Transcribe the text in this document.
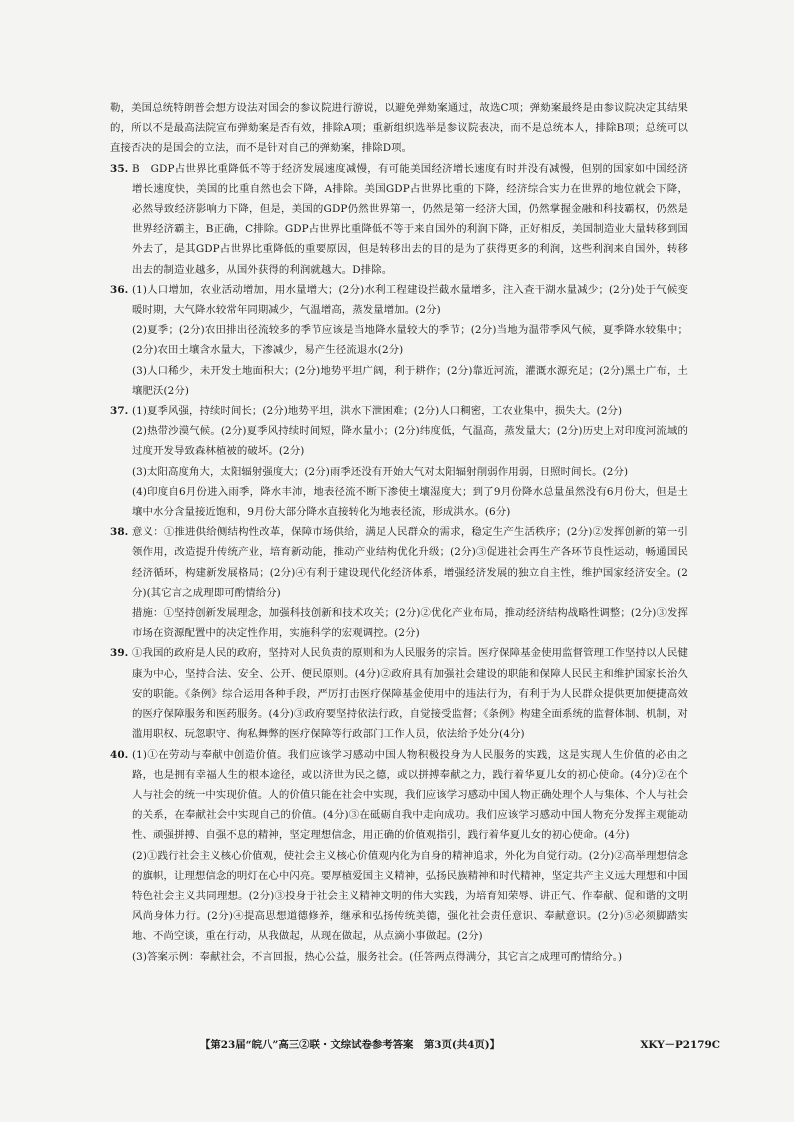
勒，美国总统特朗普会想方设法对国会的参议院进行游说，以避免弹劾案通过，故选C项；弹劾案最终是由参议院决定其结果的，所以不是最高法院宣布弹劾案是否有效，排除A项；重新组织选举是参议院表决，而不是总统本人，排除B项；总统可以直接否决的是国会的立法，而不是针对自己的弹劾案，排除D项。

35. B　GDP占世界比重降低不等于经济发展速度减慢，有可能美国经济增长速度有时并没有减慢，但别的国家如中国经济增长速度快，美国的比重自然也会下降，A排除。美国GDP占世界比重的下降，经济综合实力在世界的地位就会下降，必然导致经济影响力下降，但是，美国的GDP仍然世界第一，仍然是第一经济大国，仍然掌握金融和科技霸权，仍然是世界经济霸主，B正确，C排除。GDP占世界比重降低不等于来自国外的利润下降，正好相反，美国制造业大量转移到国外去了，是其GDP占世界比重降低的重要原因，但是转移出去的目的是为了获得更多的利润，这些利润来自国外，转移出去的制造业越多，从国外获得的利润就越大。D排除。
36. (1)人口增加，农业活动增加，用水量增大；(2分)水利工程建设拦截水量增多，注入查干湖水量减少；(2分)处于气候变暖时期，大气降水较常年同期减少，气温增高，蒸发量增加。(2分)
(2)夏季；(2分)农田排出径流较多的季节应该是当地降水量较大的季节；(2分)当地为温带季风气候，夏季降水较集中；(2分)农田土壤含水量大，下渗减少，易产生径流退水(2分)
(3)人口稀少，未开发土地面积大；(2分)地势平坦广阔，利于耕作；(2分)靠近河流，灌溉水源充足；(2分)黑土广布，土壤肥沃(2分)
37. (1)夏季风强，持续时间长；(2分)地势平坦，洪水下泄困难；(2分)人口稠密，工农业集中，损失大。(2分)
(2)热带沙漠气候。(2分)夏季风持续时间短，降水量小；(2分)纬度低，气温高，蒸发量大；(2分)历史上对印度河流域的过度开发导致森林植被的破坏。(2分)
(3)太阳高度角大，太阳辐射强度大；(2分)雨季还没有开始大气对太阳辐射削弱作用弱，日照时间长。(2分)
(4)印度自6月份进入雨季，降水丰沛，地表径流不断下渗使土壤湿度大；到了9月份降水总量虽然没有6月份大，但是土壤中水分含量接近饱和，9月份大部分降水直接转化为地表径流，形成洪水。(6分)
38. 意义：①推进供给侧结构性改革，保障市场供给，满足人民群众的需求，稳定生产生活秩序；(2分)②发挥创新的第一引领作用，改造提升传统产业，培育新动能，推动产业结构优化升级；(2分)③促进社会再生产各环节良性运动，畅通国民经济循环，构建新发展格局；(2分)④有利于建设现代化经济体系，增强经济发展的独立自主性，维护国家经济安全。(2分)(其它言之成理即可酌情给分)
措施：①坚持创新发展理念，加强科技创新和技术攻关；(2分)②优化产业布局，推动经济结构战略性调整；(2分)③发挥市场在资源配置中的决定性作用，实施科学的宏观调控。(2分)
39. ①我国的政府是人民的政府，坚持对人民负责的原则和为人民服务的宗旨。医疗保障基金使用监督管理工作坚持以人民健康为中心，坚持合法、安全、公开、便民原则。(4分)②政府具有加强社会建设的职能和保障人民民主和维护国家长治久安的职能。《条例》综合运用各种手段，严厉打击医疗保障基金使用中的违法行为，有利于为人民群众提供更加便捷高效的医疗保障服务和医药服务。(4分)③政府要坚持依法行政，自觉接受监督；《条例》构建全面系统的监督体制、机制，对滥用职权、玩忽职守、徇私舞弊的医疗保障等行政部门工作人员，依法给予处分(4分)
40. (1)①在劳动与奉献中创造价值。我们应该学习感动中国人物积极投身为人民服务的实践，这是实现人生价值的必由之路，也是拥有幸福人生的根本途径，或以济世为民之德，或以拼搏奉献之力，践行着华夏儿女的初心使命。(4分)②在个人与社会的统一中实现价值。人的价值只能在社会中实现，我们应该学习感动中国人物正确处理个人与集体、个人与社会的关系，在奉献社会中实现自己的价值。(4分)③在砥砺自我中走向成功。我们应该学习感动中国人物充分发挥主观能动性、顽强拼搏、自强不息的精神，坚定理想信念，用正确的价值观指引，践行着华夏儿女的初心使命。(4分)
(2)①践行社会主义核心价值观，使社会主义核心价值观内化为自身的精神追求，外化为自觉行动。(2分)②高举理想信念的旗帜，让理想信念的明灯在心中闪亮。要厚植爱国主义精神，弘扬民族精神和时代精神，坚定共产主义远大理想和中国特色社会主义共同理想。(2分)③投身于社会主义精神文明的伟大实践，为培育知荣辱、讲正气、作奉献、促和谐的文明风尚身体力行。(2分)④提高思想道德修养，继承和弘扬传统美德，强化社会责任意识、奉献意识。(2分)⑤必须脚踏实地、不尚空谈，重在行动，从我做起，从现在做起，从点滴小事做起。(2分)
(3)答案示例：奉献社会，不言回报，热心公益，服务社会。(任答两点得满分，其它言之成理可酌情给分。)
【第23届“皖八”高三②联・文综试卷参考答案　第3页(共4页)】	XKY－P2179C
